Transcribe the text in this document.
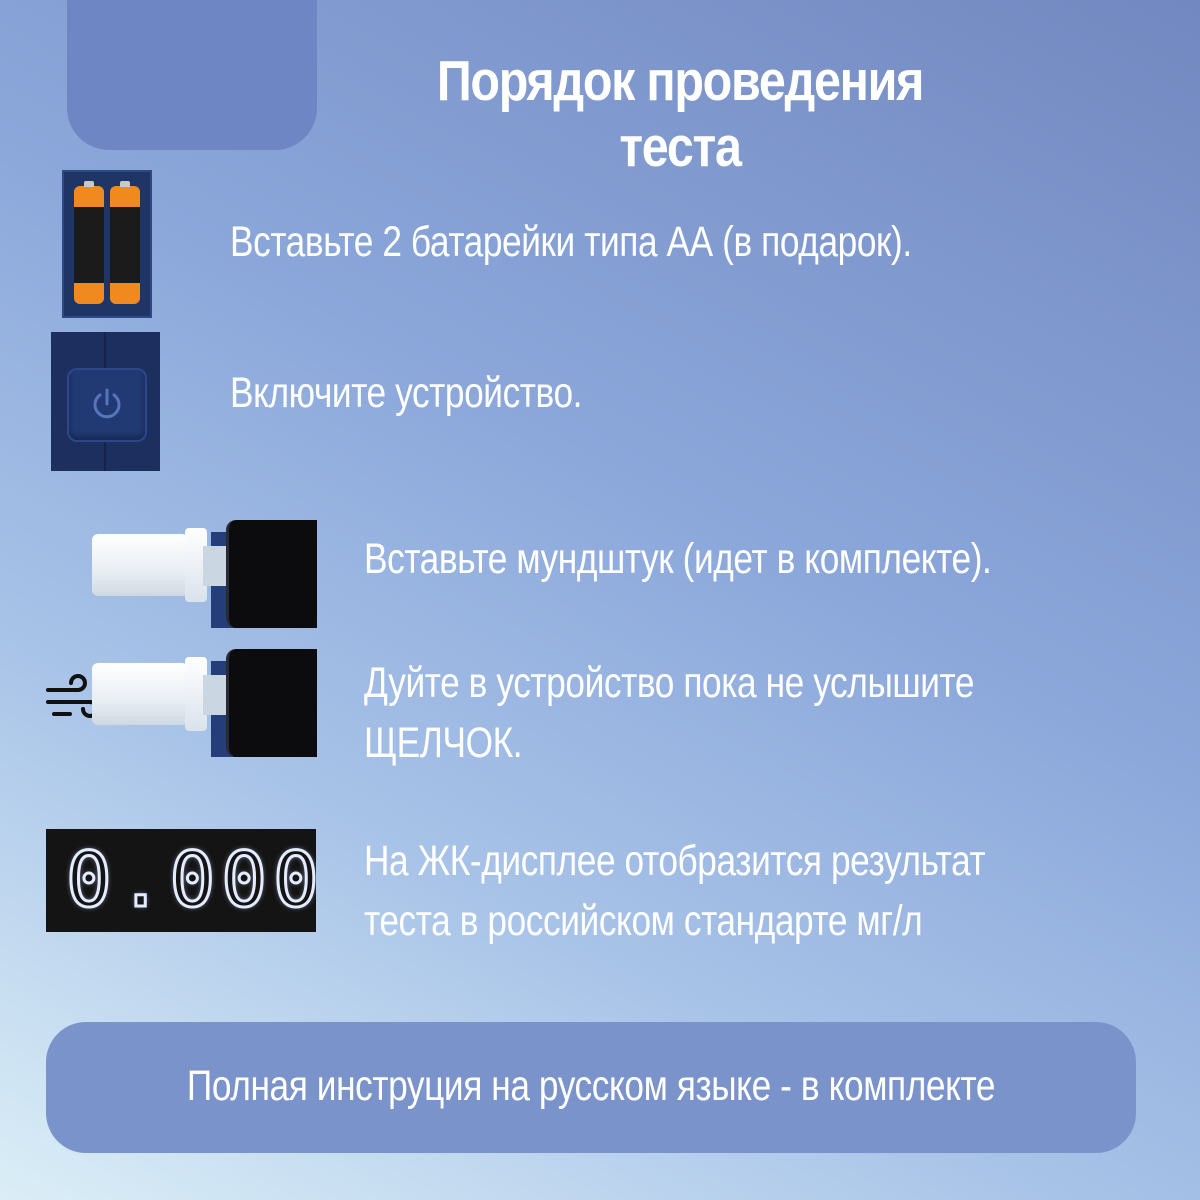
Порядок проведения теста
Вставьте 2 батарейки типа АА (в подарок).
Включите устройство.
Вставьте мундштук (идет в комплекте).
Дуйте в устройство пока не услышите
ЩЕЛЧОК.
0.000 На ЖК-дисплее отобразится результат
теста в российском стандарте мг/л
Полная инструция на русском языке - в комплекте
